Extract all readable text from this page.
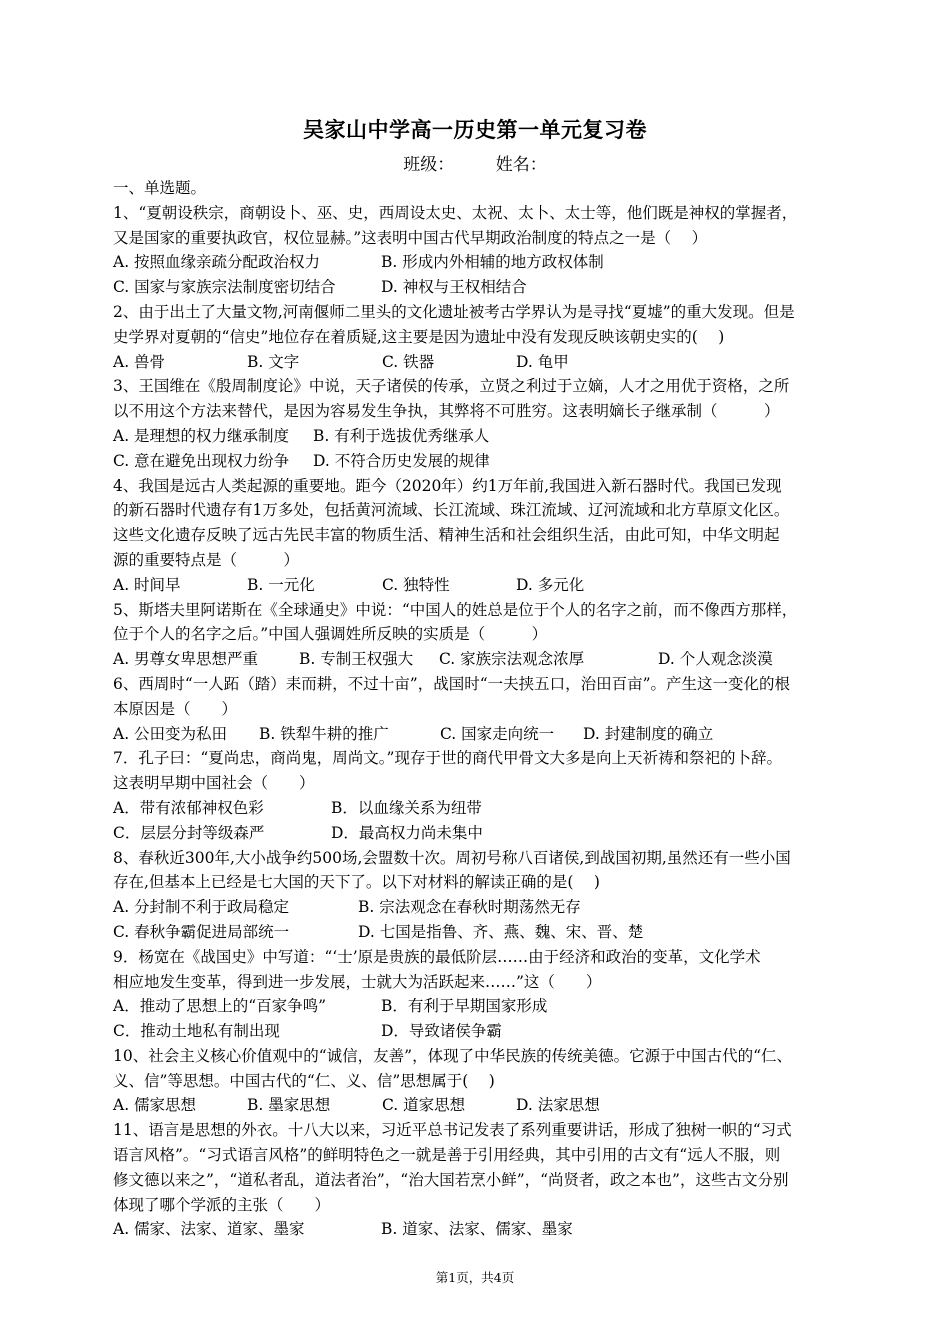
吴家山中学高一历史第一单元复习卷
班级： 姓名：
一、单选题。
1、“夏朝设秩宗，商朝设卜、巫、史，西周设太史、太祝、太卜、太士等，他们既是神权的掌握者，
又是国家的重要执政官，权位显赫。”这表明中国古代早期政治制度的特点之一是（　 ）
A. 按照血缘亲疏分配政治权力	B. 形成内外相辅的地方政权体制
C. 国家与家族宗法制度密切结合	D. 神权与王权相结合
2、由于出土了大量文物,河南偃师二里头的文化遗址被考古学界认为是寻找“夏墟”的重大发现。但是
史学界对夏朝的“信史”地位存在着质疑,这主要是因为遗址中没有发现反映该朝史实的(　 )
A. 兽骨	B. 文字	C. 铁器	D. 龟甲
3、王国维在《殷周制度论》中说，天子诸侯的传承，立贤之利过于立嫡，人才之用优于资格，之所
以不用这个方法来替代，是因为容易发生争执，其弊将不可胜穷。这表明嫡长子继承制（　　　）
A. 是理想的权力继承制度 B. 有利于选拔优秀继承人
C. 意在避免出现权力纷争 D. 不符合历史发展的规律
4、我国是远古人类起源的重要地。距今（2020年）约1万年前,我国进入新石器时代。我国已发现
的新石器时代遗存有1万多处，包括黄河流域、长江流域、珠江流域、辽河流域和北方草原文化区。
这些文化遗存反映了远古先民丰富的物质生活、精神生活和社会组织生活，由此可知，中华文明起
源的重要特点是（　　　）
A. 时间早	B. 一元化	C. 独特性	D. 多元化
5、斯塔夫里阿诺斯在《全球通史》中说：“中国人的姓总是位于个人的名字之前，而不像西方那样，
位于个人的名字之后。”中国人强调姓所反映的实质是（　　　）
A. 男尊女卑思想严重	B. 专制王权强大 C. 家族宗法观念浓厚	D. 个人观念淡漠
6、西周时“一人跖（踏）耒而耕，不过十亩”，战国时“一夫挟五口，治田百亩”。产生这一变化的根
本原因是（　　）
A. 公田变为私田 B. 铁犁牛耕的推广	C. 国家走向统一 D. 封建制度的确立
7．孔子曰：“夏尚忠，商尚鬼，周尚文。”现存于世的商代甲骨文大多是向上天祈祷和祭祀的卜辞。
这表明早期中国社会（　　）
A．带有浓郁神权色彩	B．以血缘关系为纽带
C．层层分封等级森严	D．最高权力尚未集中
8、春秋近300年,大小战争约500场,会盟数十次。周初号称八百诸侯,到战国初期,虽然还有一些小国
存在,但基本上已经是七大国的天下了。以下对材料的解读正确的是(　 )
A. 分封制不利于政局稳定	B. 宗法观念在春秋时期荡然无存
C. 春秋争霸促进局部统一	D. 七国是指鲁、齐、燕、魏、宋、晋、楚
9．杨宽在《战国史》中写道：“‘士’原是贵族的最低阶层……由于经济和政治的变革，文化学术
相应地发生变革，得到进一步发展，士就大为活跃起来……”这（　　）
A．推动了思想上的“百家争鸣”	B．有利于早期国家形成
C．推动土地私有制出现	D．导致诸侯争霸
10、社会主义核心价值观中的“诚信，友善”，体现了中华民族的传统美德。它源于中国古代的“仁、
义、信”等思想。中国古代的“仁、义、信”思想属于(　 )
A. 儒家思想	B. 墨家思想	C. 道家思想	D. 法家思想
11、语言是思想的外衣。十八大以来，习近平总书记发表了系列重要讲话，形成了独树一帜的“习式
语言风格”。“习式语言风格”的鲜明特色之一就是善于引用经典，其中引用的古文有“远人不服，则
修文德以来之”，“道私者乱，道法者治”，“治大国若烹小鲜”，“尚贤者，政之本也”，这些古文分别
体现了哪个学派的主张（　　）
A. 儒家、法家、道家、墨家	B. 道家、法家、儒家、墨家
第1页，共4页
